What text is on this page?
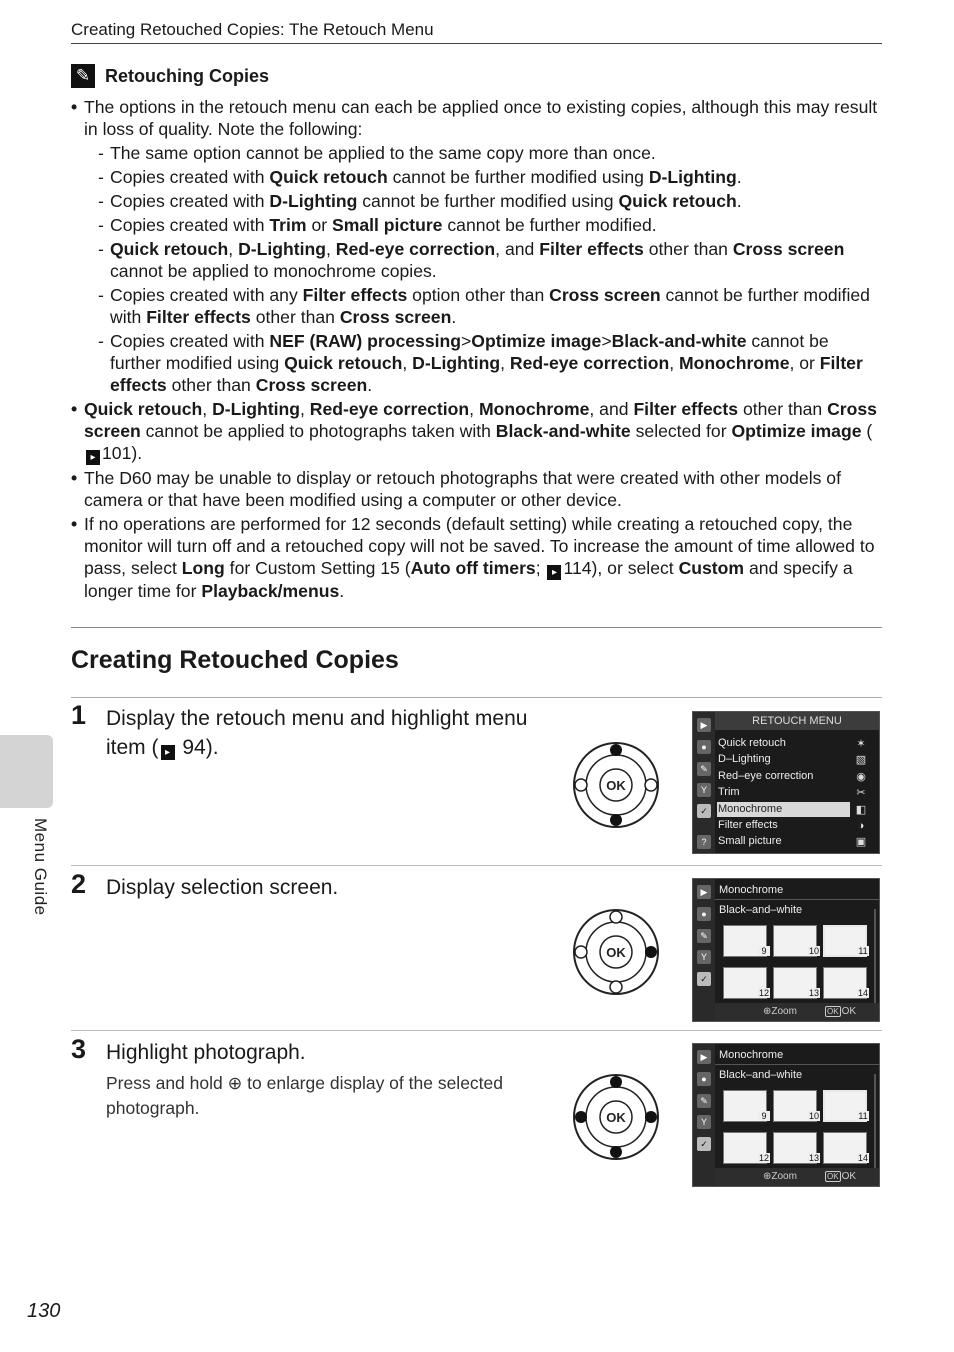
Creating Retouched Copies: The Retouch Menu
Menu Guide
✎ Retouching Copies
• The options in the retouch menu can each be applied once to existing copies, although this may result in loss of quality. Note the following:
- The same option cannot be applied to the same copy more than once.
- Copies created with Quick retouch cannot be further modified using D-Lighting.
- Copies created with D-Lighting cannot be further modified using Quick retouch.
- Copies created with Trim or Small picture cannot be further modified.
- Quick retouch, D-Lighting, Red-eye correction, and Filter effects other than Cross screen cannot be applied to monochrome copies.
- Copies created with any Filter effects option other than Cross screen cannot be further modified with Filter effects other than Cross screen.
- Copies created with NEF (RAW) processing>Optimize image>Black-and-white cannot be further modified using Quick retouch, D-Lighting, Red-eye correction, Monochrome, or Filter effects other than Cross screen.
• Quick retouch, D-Lighting, Red-eye correction, Monochrome, and Filter effects other than Cross screen cannot be applied to photographs taken with Black-and-white selected for Optimize image (▸ 101).
• The D60 may be unable to display or retouch photographs that were created with other models of camera or that have been modified using a computer or other device.
• If no operations are performed for 12 seconds (default setting) while creating a retouched copy, the monitor will turn off and a retouched copy will not be saved. To increase the amount of time allowed to pass, select Long for Custom Setting 15 (Auto off timers; ▸ 114), or select Custom and specify a longer time for Playback/menus.
Creating Retouched Copies
1 Display the retouch menu and highlight menu item ( ▸ 94).
OK
▶
●
✎
Y
✓
?
RETOUCH MENU
Quick retouch
D–Lighting
Red–eye correction
Trim
Monochrome
Filter effects
Small picture
✶
▧
◉
✂
◧
◑
▣
2 Display selection screen.
OK
▶
●
✎
Y
✓
Monochrome
Black–and–white
9	10	11
12	13	14
⊕Zoom	OK OK
3 Highlight photograph.
Press and hold ⊕ to enlarge display of the selected photograph.	OK
▶
●
✎
Y
✓
Monochrome
Black–and–white
9	10	11
12	13	14
⊕Zoom	OK OK
130
